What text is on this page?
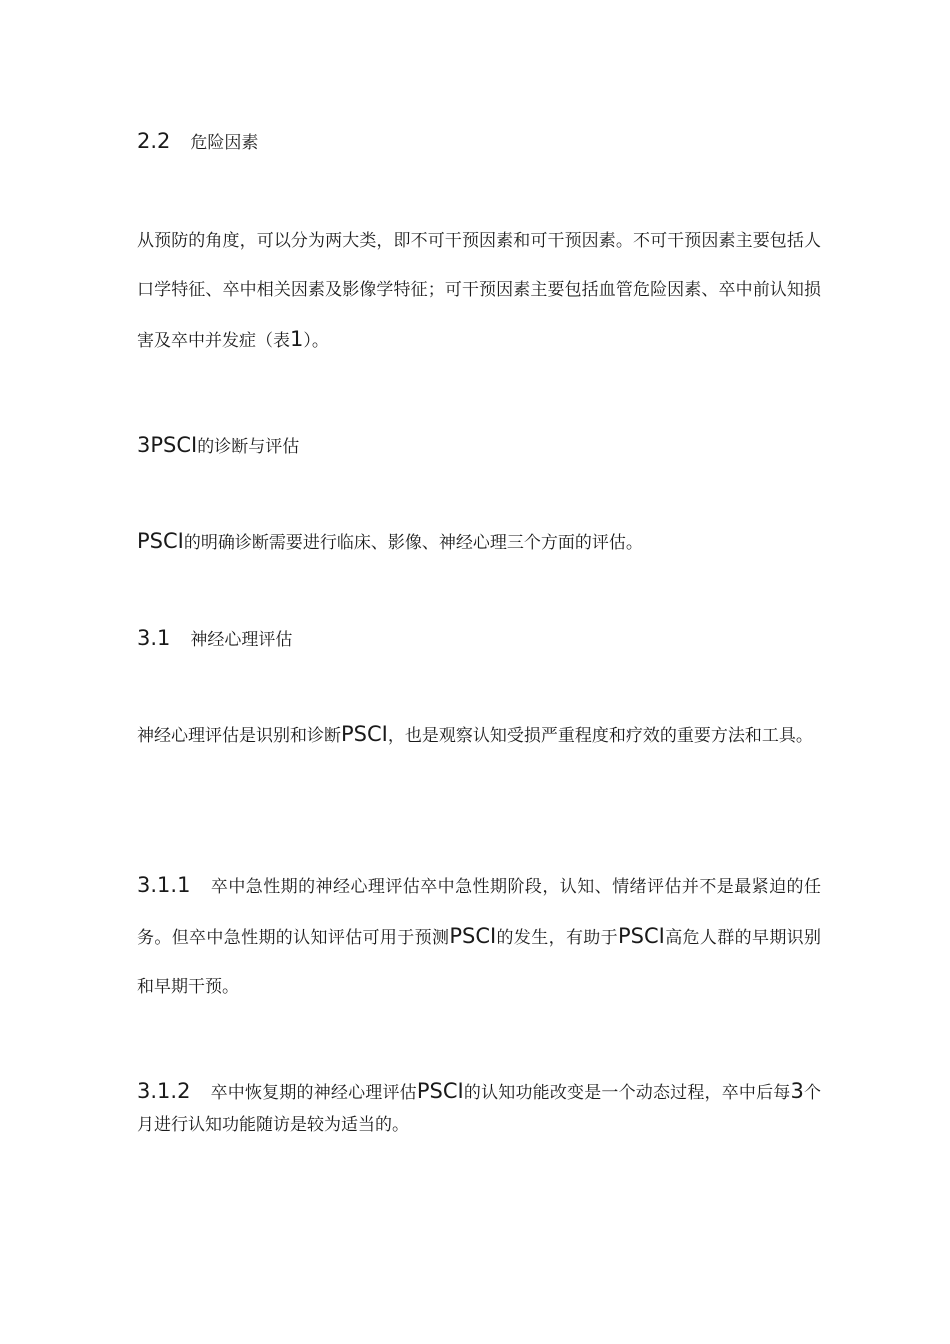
2.2 危险因素
从预防的角度，可以分为两大类，即不可干预因素和可干预因素。不可干预因素主要包括人口学特征、卒中相关因素及影像学特征；可干预因素主要包括血管危险因素、卒中前认知损害及卒中并发症（表1）。
3PSCI的诊断与评估
PSCI的明确诊断需要进行临床、影像、神经心理三个方面的评估。
3.1 神经心理评估
神经心理评估是识别和诊断PSCI，也是观察认知受损严重程度和疗效的重要方法和工具。
3.1.1 卒中急性期的神经心理评估卒中急性期阶段，认知、情绪评估并不是最紧迫的任务。但卒中急性期的认知评估可用于预测PSCI的发生，有助于PSCI高危人群的早期识别和早期干预。
3.1.2 卒中恢复期的神经心理评估PSCI的认知功能改变是一个动态过程，卒中后每3个月进行认知功能随访是较为适当的。
